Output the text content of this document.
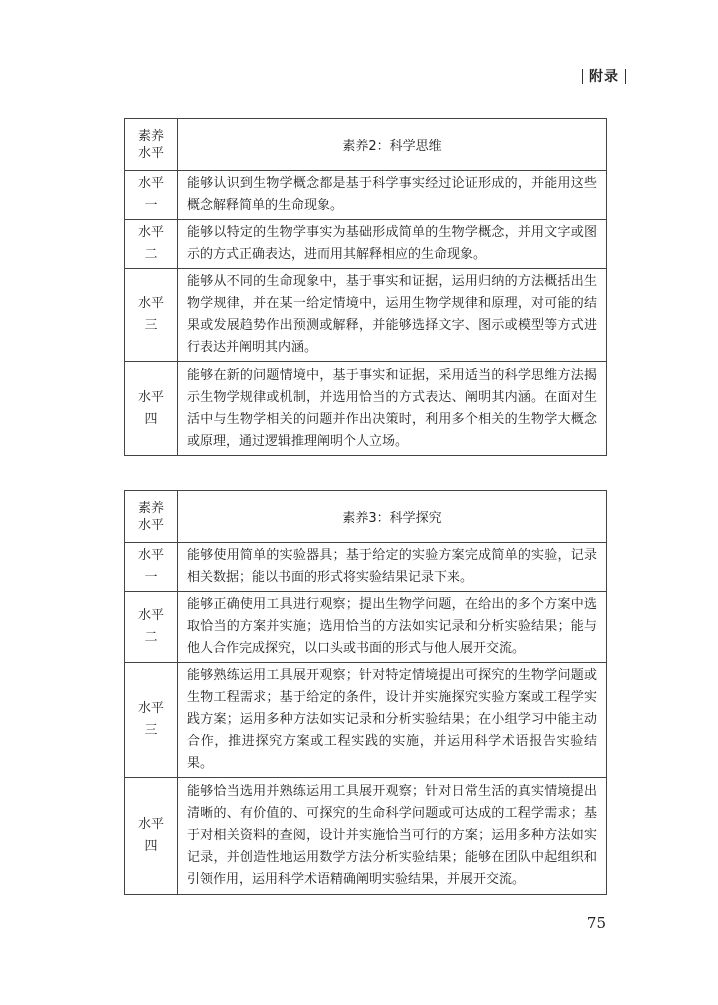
附录
素养
水平	素养2：科学思维

水平
一	能够认识到生物学概念都是基于科学事实经过论证形成的，并能用这些概念解释简单的生命现象。

水平
二	能够以特定的生物学事实为基础形成简单的生物学概念，并用文字或图示的方式正确表达，进而用其解释相应的生命现象。

水平
三	能够从不同的生命现象中，基于事实和证据，运用归纳的方法概括出生物学规律，并在某一给定情境中，运用生物学规律和原理，对可能的结果或发展趋势作出预测或解释，并能够选择文字、图示或模型等方式进行表达并阐明其内涵。

水平
四	能够在新的问题情境中，基于事实和证据，采用适当的科学思维方法揭示生物学规律或机制，并选用恰当的方式表达、阐明其内涵。在面对生活中与生物学相关的问题并作出决策时，利用多个相关的生物学大概念或原理，通过逻辑推理阐明个人立场。
素养
水平	素养3：科学探究

水平
一	能够使用简单的实验器具；基于给定的实验方案完成简单的实验，记录相关数据；能以书面的形式将实验结果记录下来。

水平
二	能够正确使用工具进行观察；提出生物学问题，在给出的多个方案中选取恰当的方案并实施；选用恰当的方法如实记录和分析实验结果；能与他人合作完成探究，以口头或书面的形式与他人展开交流。

水平
三	能够熟练运用工具展开观察；针对特定情境提出可探究的生物学问题或生物工程需求；基于给定的条件，设计并实施探究实验方案或工程学实践方案；运用多种方法如实记录和分析实验结果；在小组学习中能主动合作，推进探究方案或工程实践的实施，并运用科学术语报告实验结果。

水平
四	能够恰当选用并熟练运用工具展开观察；针对日常生活的真实情境提出清晰的、有价值的、可探究的生命科学问题或可达成的工程学需求；基于对相关资料的查阅，设计并实施恰当可行的方案；运用多种方法如实记录，并创造性地运用数学方法分析实验结果；能够在团队中起组织和引领作用，运用科学术语精确阐明实验结果，并展开交流。
75
